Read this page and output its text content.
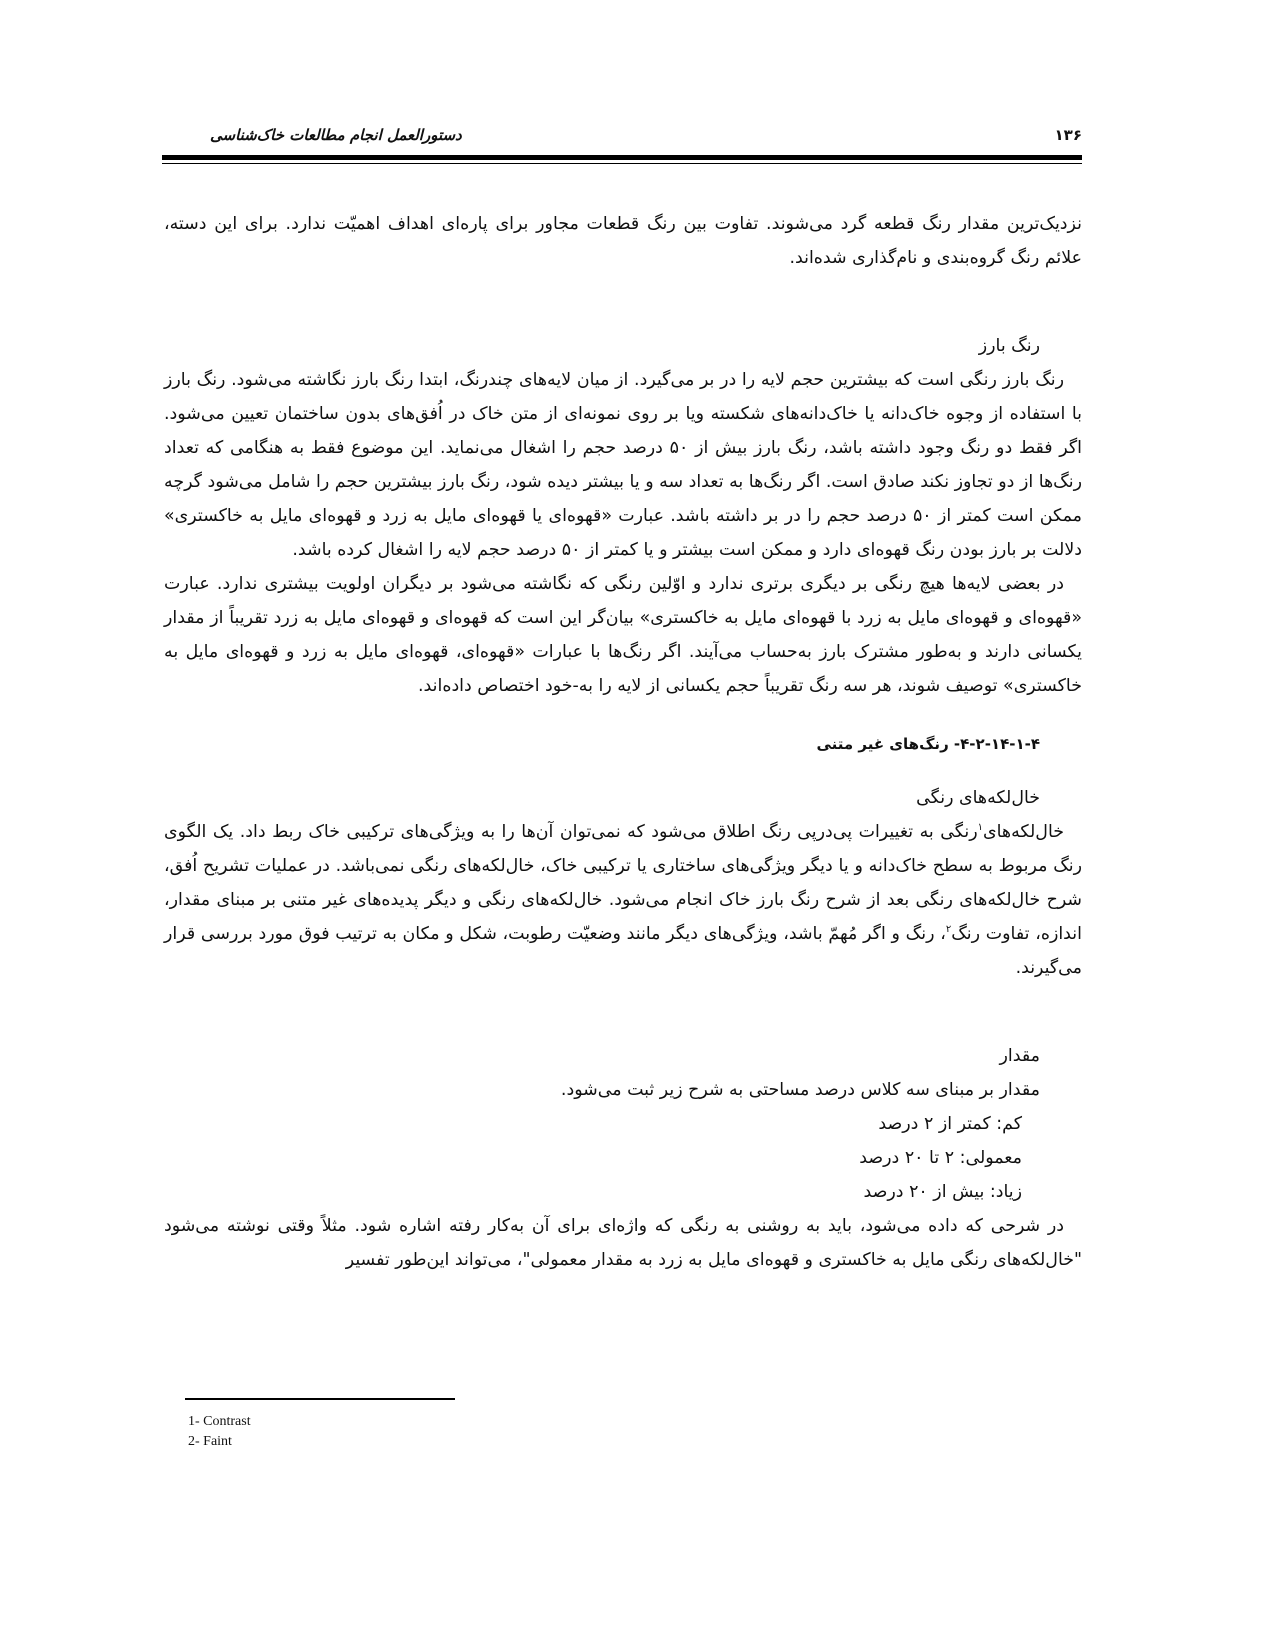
دستورالعمل انجام مطالعات خاک‌شناسی	۱۳۶

نزدیک‌ترین مقدار رنگ قطعه گرد می‌شوند. تفاوت بین رنگ قطعات مجاور برای پاره‌ای اهداف اهمیّت ندارد. برای این دسته، علائم رنگ گروه‌بندی و نام‌گذاری شده‌اند.

رنگ بارز

رنگ بارز رنگی است که بیشترین حجم لایه را در بر می‌گیرد. از میان لایه‌های چندرنگ، ابتدا رنگ بارز نگاشته می‌شود. رنگ بارز با استفاده از وجوه خاک‌دانه یا خاک‌دانه‌های شکسته ویا بر روی نمونه‌ای از متن خاک در اُفق‌های بدون ساختمان تعیین می‌شود. اگر فقط دو رنگ وجود داشته باشد، رنگ بارز بیش از ۵۰ درصد حجم را اشغال می‌نماید. این موضوع فقط به هنگامی که تعداد رنگ‌ها از دو تجاوز نکند صادق است. اگر رنگ‌ها به تعداد سه و یا بیشتر دیده شود، رنگ بارز بیشترین حجم را شامل می‌شود گرچه ممکن است کمتر از ۵۰ درصد حجم را در بر داشته باشد. عبارت «قهوه‌ای یا قهوه‌ای مایل به زرد و قهوه‌ای مایل به خاکستری» دلالت بر بارز بودن رنگ قهوه‌ای دارد و ممکن است بیشتر و یا کمتر از ۵۰ درصد حجم لایه را اشغال کرده باشد.

در بعضی لایه‌ها هیچ رنگی بر دیگری برتری ندارد و اوّلین رنگی که نگاشته می‌شود بر دیگران اولویت بیشتری ندارد. عبارت «قهوه‌ای و قهوه‌ای مایل به زرد با قهوه‌ای مایل به خاکستری» بیان‌گر این است که قهوه‌ای و قهوه‌ای مایل به زرد تقریباً از مقدار یکسانی دارند و به‌طور مشترک بارز به‌حساب می‌آیند. اگر رنگ‌ها با عبارات «قهوه‌ای، قهوه‌ای مایل به زرد و قهوه‌ای مایل به خاکستری» توصیف شوند، هر سه رنگ تقریباً حجم یکسانی از لایه را به-خود اختصاص داده‌اند.

۴-۲-۱۴-۱-۴- رنگ‌های غیر متنی

خال‌لکه‌های رنگی

خال‌لکه‌های$^۱$رنگی به تغییرات پی‌درپی رنگ اطلاق می‌شود که نمی‌توان آن‌ها را به ویژگی‌های ترکیبی خاک ربط داد. یک الگوی رنگ مربوط به سطح خاک‌دانه و یا دیگر ویژگی‌های ساختاری یا ترکیبی خاک، خال‌لکه‌های رنگی نمی‌باشد. در عملیات تشریح اُفق، شرح خال‌لکه‌های رنگی بعد از شرح رنگ بارز خاک انجام می‌شود. خال‌لکه‌های رنگی و دیگر پدیده‌های غیر متنی بر مبنای مقدار، اندازه، تفاوت رنگ$^۲$، رنگ و اگر مُهمّ باشد، ویژگی‌های دیگر مانند وضعیّت رطوبت، شکل و مکان به ترتیب فوق مورد بررسی قرار می‌گیرند.

مقدار

مقدار بر مبنای سه کلاس درصد مساحتی به شرح زیر ثبت می‌شود.

کم: کمتر از ۲ درصد

معمولی: ۲ تا ۲۰ درصد

زیاد: بیش از ۲۰ درصد

در شرحی که داده می‌شود، باید به روشنی به رنگی که واژه‌ای برای آن به‌کار رفته اشاره شود. مثلاً وقتی نوشته می‌شود "خال‌لکه‌های رنگی مایل به خاکستری و قهوه‌ای مایل به زرد به مقدار معمولی"، می‌تواند این‌طور تفسیر

1- Contrast
2- Faint
